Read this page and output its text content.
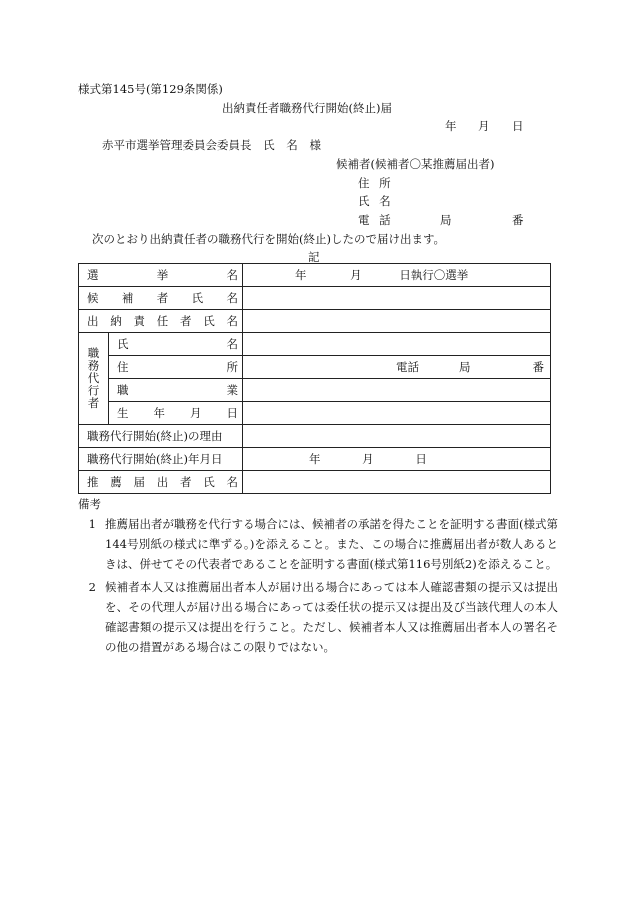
様式第145号(第129条関係)
出納責任者職務代行開始(終止)届
年 月 日
赤平市選挙管理委員会委員長 氏 名 様
候補者(候補者〇某推薦届出者)
住 所
氏 名
電 話	局	番
次のとおり出納責任者の職務代行を開始(終止)したので届け出ます。
記
選挙名		年 月 日執行〇選挙
候補者氏名		
出納責任者氏名		
職務代行者	氏名	
	住所	電話 局 番

	職業	

	生 年 月 日	

職務代行開始(終止)の理由		
職務代行開始(終止)年月日		年 月 日
推薦届出者氏名		
備考
1 推薦届出者が職務を代行する場合には、候補者の承諾を得たことを証明する書面(様式第144号別紙の様式に準ずる。)を添えること。また、この場合に推薦届出者が数人あるときは、併せてその代表者であることを証明する書面(様式第116号別紙2)を添えること。
2 候補者本人又は推薦届出者本人が届け出る場合にあっては本人確認書類の提示又は提出を、その代理人が届け出る場合にあっては委任状の提示又は提出及び当該代理人の本人確認書類の提示又は提出を行うこと。ただし、候補者本人又は推薦届出者本人の署名その他の措置がある場合はこの限りではない。
